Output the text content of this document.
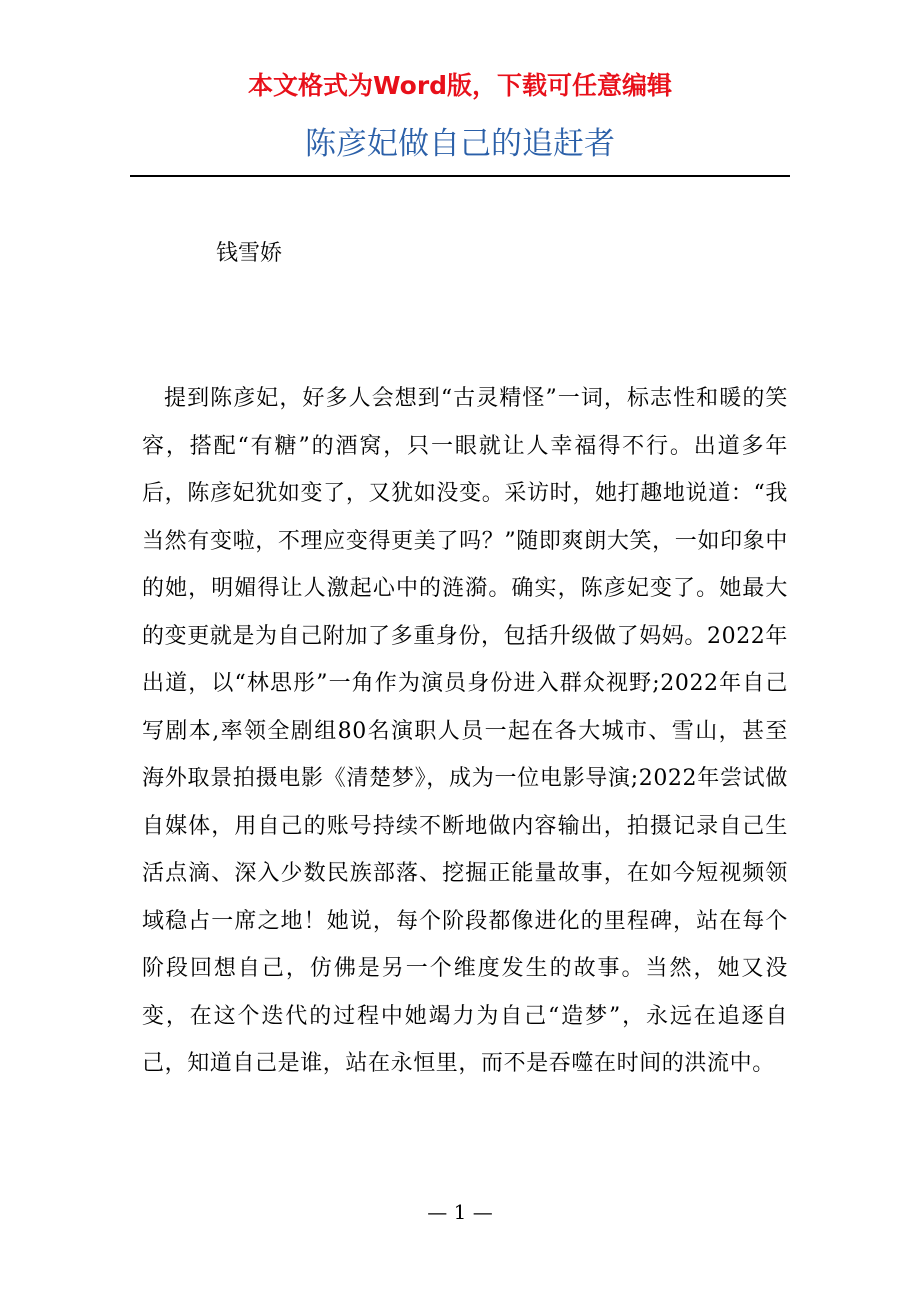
本文格式为Word版，下载可任意编辑
陈彦妃做自己的追赶者
钱雪娇

提到陈彦妃，好多人会想到“古灵精怪”一词，标志性和暖的笑容，搭配“有糖”的酒窝，只一眼就让人幸福得不行。出道多年后，陈彦妃犹如变了，又犹如没变。采访时，她打趣地说道：“我当然有变啦，不理应变得更美了吗？”随即爽朗大笑，一如印象中的她，明媚得让人激起心中的涟漪。确实，陈彦妃变了。她最大的变更就是为自己附加了多重身份，包括升级做了妈妈。2022年出道，以“林思彤”一角作为演员身份进入群众视野;2022年自己写剧本,率领全剧组80名演职人员一起在各大城市、雪山，甚至海外取景拍摄电影《清楚梦》，成为一位电影导演;2022年尝试做自媒体，用自己的账号持续不断地做内容输出，拍摄记录自己生活点滴、深入少数民族部落、挖掘正能量故事，在如今短视频领域稳占一席之地！她说，每个阶段都像进化的里程碑，站在每个阶段回想自己，仿佛是另一个维度发生的故事。当然，她又没变，在这个迭代的过程中她竭力为自己“造梦”，永远在追逐自己，知道自己是谁，站在永恒里，而不是吞噬在时间的洪流中。

— 1 —
